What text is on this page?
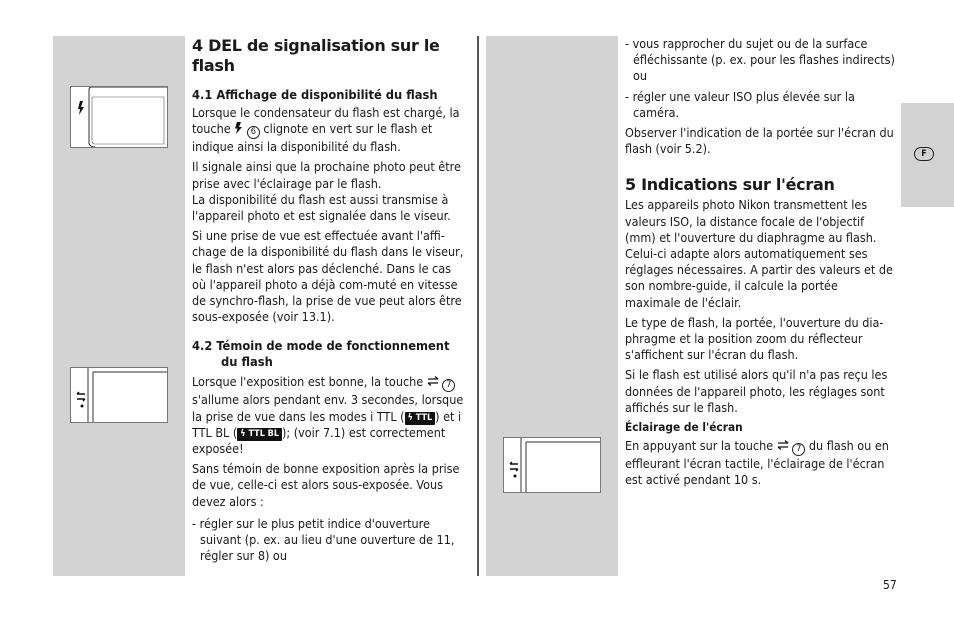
F
4 DEL de signalisation sur le flash
4.1 Affichage de disponibilité du flash

Lorsque le condensateur du flash est chargé, la touche 6 clignote en vert sur le flash et indique ainsi la disponibilité du flash.

Il signale ainsi que la prochaine photo peut être prise avec l'éclairage par le flash.

La disponibilité du flash est aussi transmise à l'appareil photo et est signalée dans le viseur.

Si une prise de vue est effectuée avant l'affi-chage de la disponibilité du flash dans le viseur, le flash n'est alors pas déclenché. Dans le cas où l'appareil photo a déjà com-muté en vitesse de synchro-flash, la prise de vue peut alors être sous-exposée (voir 13.1).

4.2 Témoin de mode de fonctionnement
du flash

Lorsque l'exposition est bonne, la touche	7 s'allume alors pendant env. 3 secondes, lorsque la prise de vue dans les modes i TTL ( ϟ TTL ) et i TTL BL ( ϟ TTL BL ); (voir 7.1) est correctement exposée!

Sans témoin de bonne exposition après la prise de vue, celle-ci est alors sous-exposée. Vous devez alors :

- régler sur le plus petit indice d'ouverture suivant (p. ex. au lieu d'une ouverture de 11, régler sur 8) ou

- vous rapprocher du sujet ou de la surface éfléchissante (p. ex. pour les flashes indirects) ou

- régler une valeur ISO plus élevée sur la caméra.

Observer l'indication de la portée sur l'écran du flash (voir 5.2).

5 Indications sur l'écran

Les appareils photo Nikon transmettent les valeurs ISO, la distance focale de l'objectif (mm) et l'ouverture du diaphragme au flash. Celui-ci adapte alors automatiquement ses réglages nécessaires. A partir des valeurs et de son nombre-guide, il calcule la portée maximale de l'éclair.

Le type de flash, la portée, l'ouverture du dia-phragme et la position zoom du réflecteur s'affichent sur l'écran du flash.

Si le flash est utilisé alors qu'il n'a pas reçu les données de l'appareil photo, les réglages sont affichés sur le flash.

Éclairage de l'écran

En appuyant sur la touche	7 du flash ou en effleurant l'écran tactile, l'éclairage de l'écran est activé pendant 10 s.

57
